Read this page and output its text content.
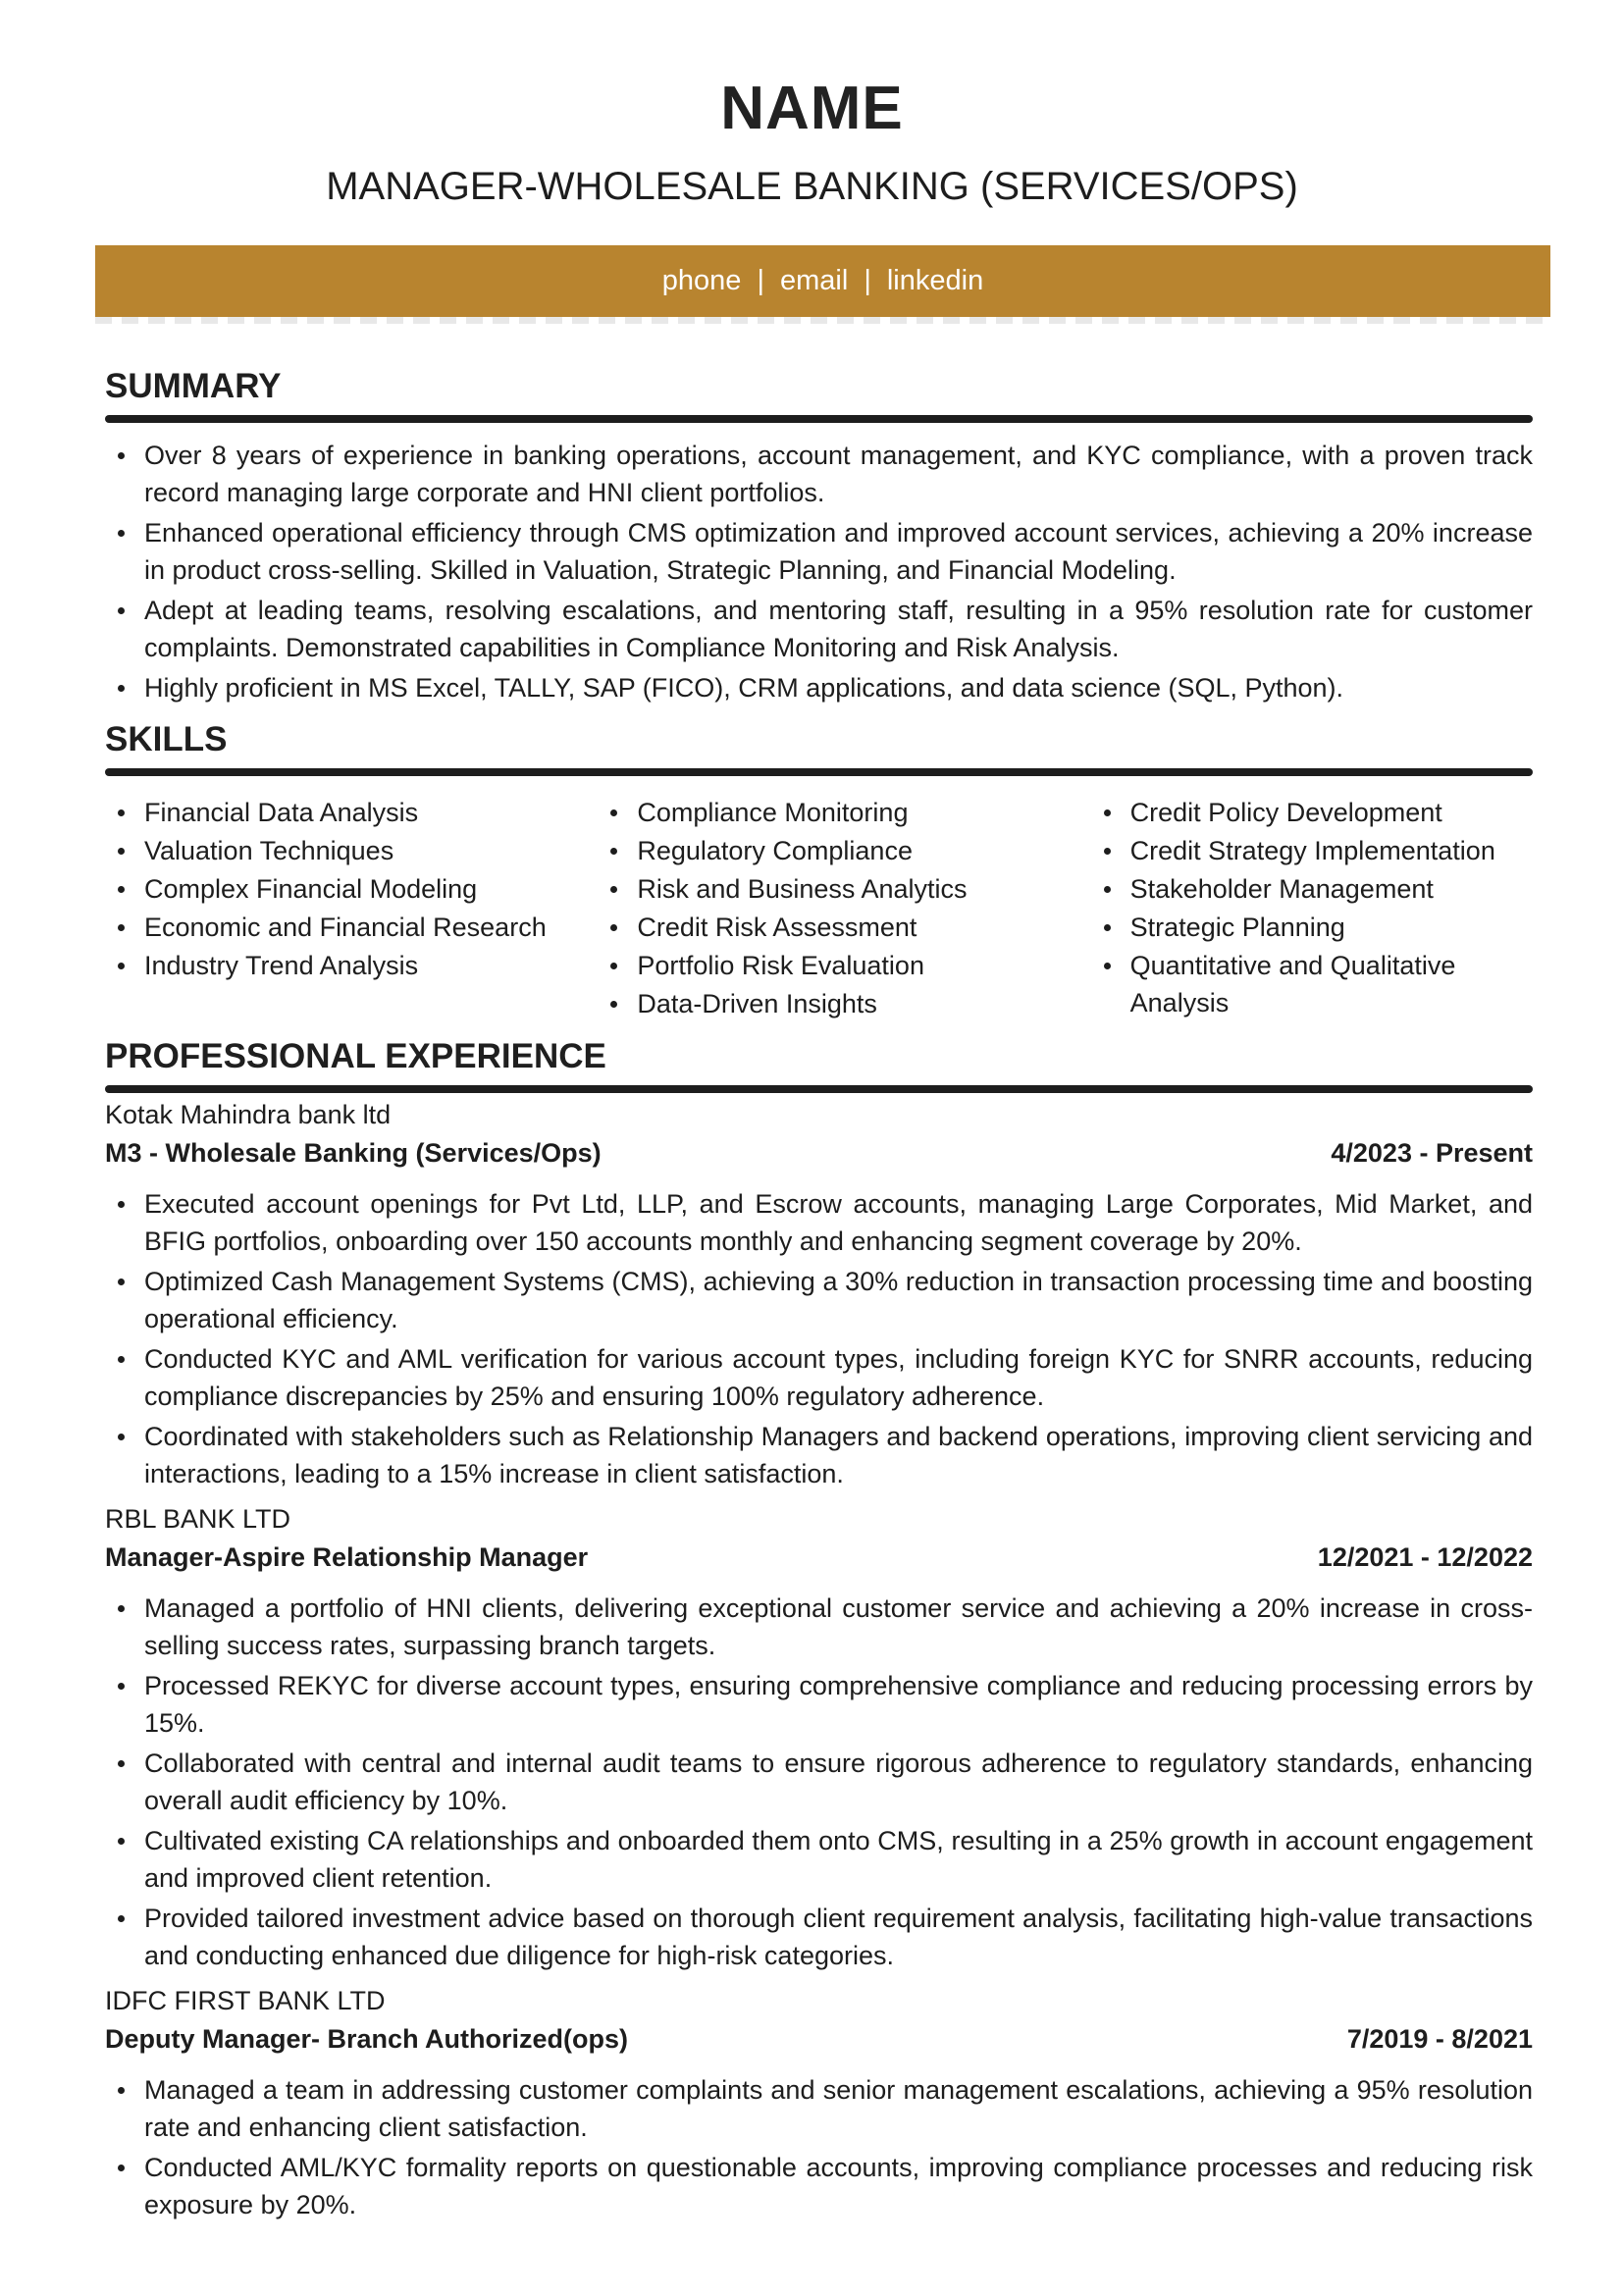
NAME
MANAGER-WHOLESALE BANKING (SERVICES/OPS)
phone | email | linkedin
SUMMARY
Over 8 years of experience in banking operations, account management, and KYC compliance, with a proven track record managing large corporate and HNI client portfolios.
Enhanced operational efficiency through CMS optimization and improved account services, achieving a 20% increase in product cross-selling. Skilled in Valuation, Strategic Planning, and Financial Modeling.
Adept at leading teams, resolving escalations, and mentoring staff, resulting in a 95% resolution rate for customer complaints. Demonstrated capabilities in Compliance Monitoring and Risk Analysis.
Highly proficient in MS Excel, TALLY, SAP (FICO), CRM applications, and data science (SQL, Python).
SKILLS
Financial Data Analysis
Valuation Techniques
Complex Financial Modeling
Economic and Financial Research
Industry Trend Analysis
Compliance Monitoring
Regulatory Compliance
Risk and Business Analytics
Credit Risk Assessment
Portfolio Risk Evaluation
Data-Driven Insights
Credit Policy Development
Credit Strategy Implementation
Stakeholder Management
Strategic Planning
Quantitative and Qualitative Analysis
PROFESSIONAL EXPERIENCE
Kotak Mahindra bank ltd
M3 - Wholesale Banking (Services/Ops)	4/2023 - Present
Executed account openings for Pvt Ltd, LLP, and Escrow accounts, managing Large Corporates, Mid Market, and BFIG portfolios, onboarding over 150 accounts monthly and enhancing segment coverage by 20%.
Optimized Cash Management Systems (CMS), achieving a 30% reduction in transaction processing time and boosting operational efficiency.
Conducted KYC and AML verification for various account types, including foreign KYC for SNRR accounts, reducing compliance discrepancies by 25% and ensuring 100% regulatory adherence.
Coordinated with stakeholders such as Relationship Managers and backend operations, improving client servicing and interactions, leading to a 15% increase in client satisfaction.
RBL BANK LTD
Manager-Aspire Relationship Manager	12/2021 - 12/2022
Managed a portfolio of HNI clients, delivering exceptional customer service and achieving a 20% increase in cross-selling success rates, surpassing branch targets.
Processed REKYC for diverse account types, ensuring comprehensive compliance and reducing processing errors by 15%.
Collaborated with central and internal audit teams to ensure rigorous adherence to regulatory standards, enhancing overall audit efficiency by 10%.
Cultivated existing CA relationships and onboarded them onto CMS, resulting in a 25% growth in account engagement and improved client retention.
Provided tailored investment advice based on thorough client requirement analysis, facilitating high-value transactions and conducting enhanced due diligence for high-risk categories.
IDFC FIRST BANK LTD
Deputy Manager- Branch Authorized(ops)	7/2019 - 8/2021
Managed a team in addressing customer complaints and senior management escalations, achieving a 95% resolution rate and enhancing client satisfaction.
Conducted AML/KYC formality reports on questionable accounts, improving compliance processes and reducing risk exposure by 20%.
